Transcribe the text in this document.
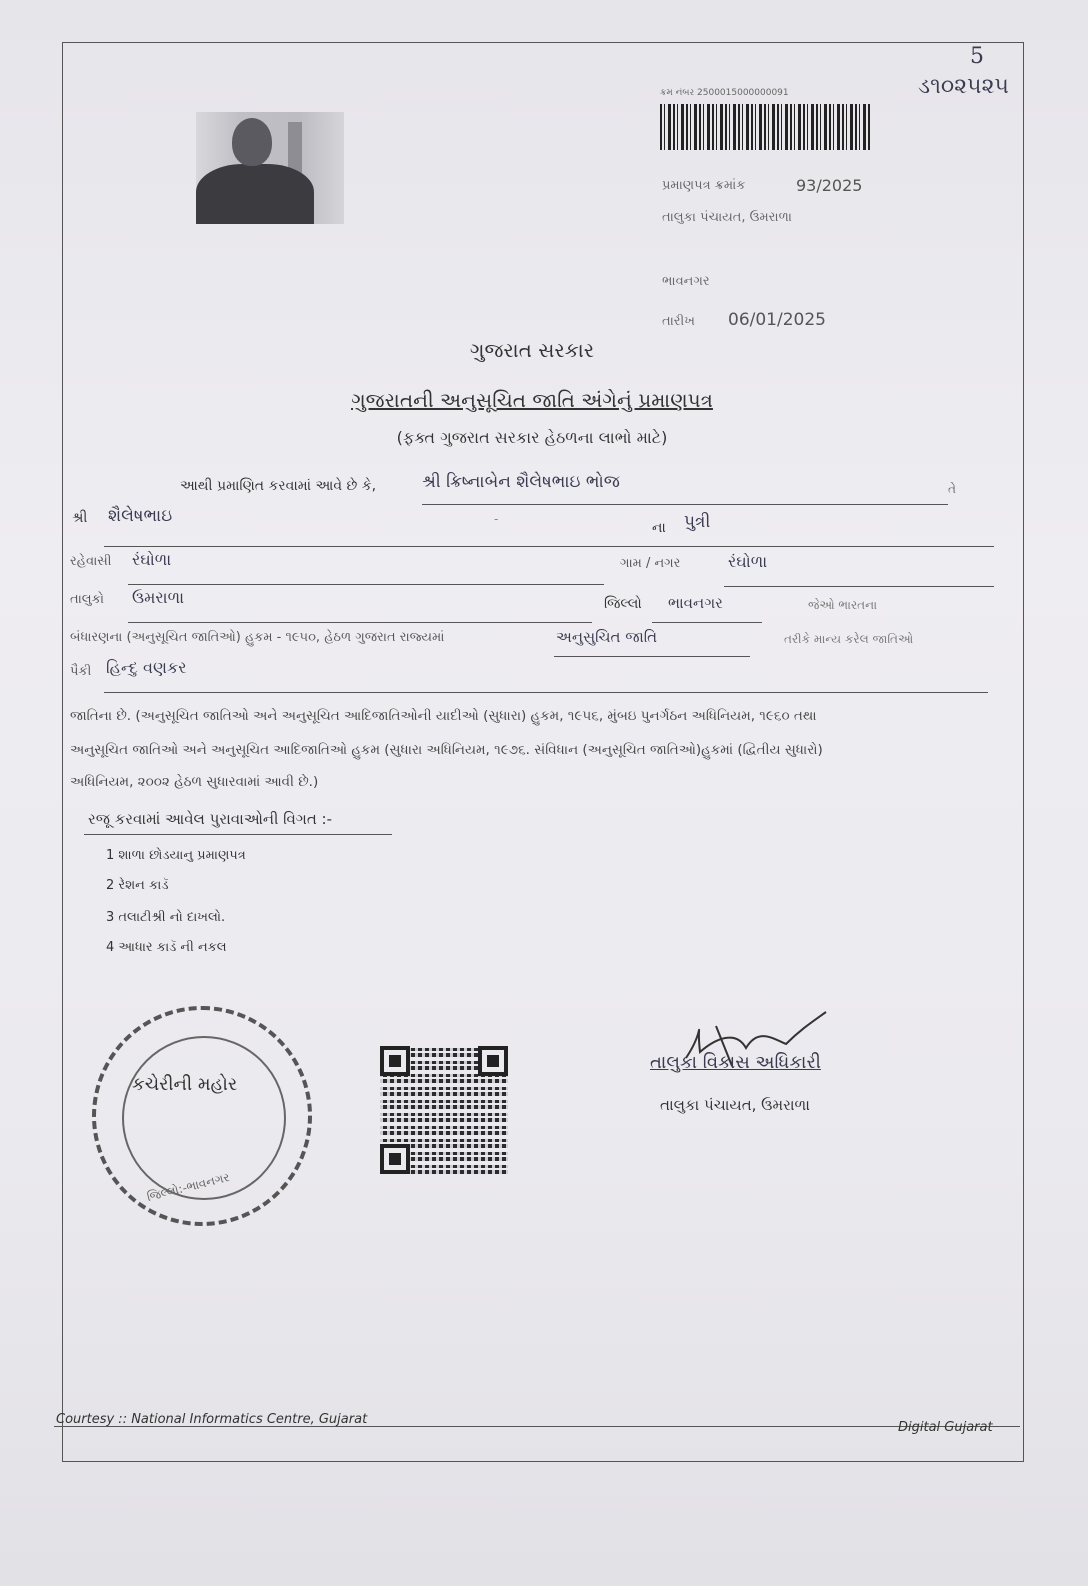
5
ડ૧૦૨૫૨૫
ક્રમ નંબર 2500015000000091
પ્રમાણપત્ર ક્રમાંક	93/2025
તાલુકા પંચાયત, ઉમરાળા
ભાવનગર
તારીખ 06/01/2025
ગુજરાત સરકાર
ગુજરાતની અનુસૂચિત જાતિ અંગેનું પ્રમાણપત્ર
(ફક્ત ગુજરાત સરકાર હેઠળના લાભો માટે)
આથી પ્રમાણિત કરવામાં આવે છે કે,	શ્રી ક્રિષ્નાબેન શૈલેષભાઇ ભોજ	તે
શ્રી શૈલેષભાઇ	-
ના પુત્રી
રહેવાસી રંઘોળા	ગામ / નગર	રંઘોળા
તાલુકો ઉમરાળા	જિલ્લો ભાવનગર	જેઓ ભારતના
બંધારણના (અનુસૂચિત જાતિઓ) હુકમ - ૧૯૫૦, હેઠળ ગુજરાત રાજ્યમાં	અનુસુચિત જાતિ	તરીકે માન્ય કરેલ જાતિઓ
પૈકી હિન્દુ વણકર
જાતિના છે. (અનુસૂચિત જાતિઓ અને અનુસૂચિત આદિજાતિઓની યાદીઓ (સુધારા) હુકમ, ૧૯૫૬, મુંબઇ પુનર્ગઠન અધિનિયમ, ૧૯૬૦ તથા
અનુસૂચિત જાતિઓ અને અનુસૂચિત આદિજાતિઓ હુકમ (સુધારા અધિનિયમ, ૧૯૭૬. સંવિધાન (અનુસૂચિત જાતિઓ)હુકમાં (દ્વિતીય સુધારો)
અધિનિયમ, ૨૦૦૨ હેઠળ સુધારવામાં આવી છે.)
રજૂ કરવામાં આવેલ પુરાવાઓની વિગત :-
1 શાળા છોડયાનુ પ્રમાણપત્ર
2 રેશન કાડૅ
3 તલાટીશ્રી નો દાખલો.
4 આધાર કાડૅ ની નકલ
કચેરીની મહોર
જિલ્લો:-ભાવનગર
તાલુકા વિકાસ અધિકારી
તાલુકા પંચાયત, ઉમરાળા
Courtesy :: National Informatics Centre, Gujarat
Digital Gujarat
